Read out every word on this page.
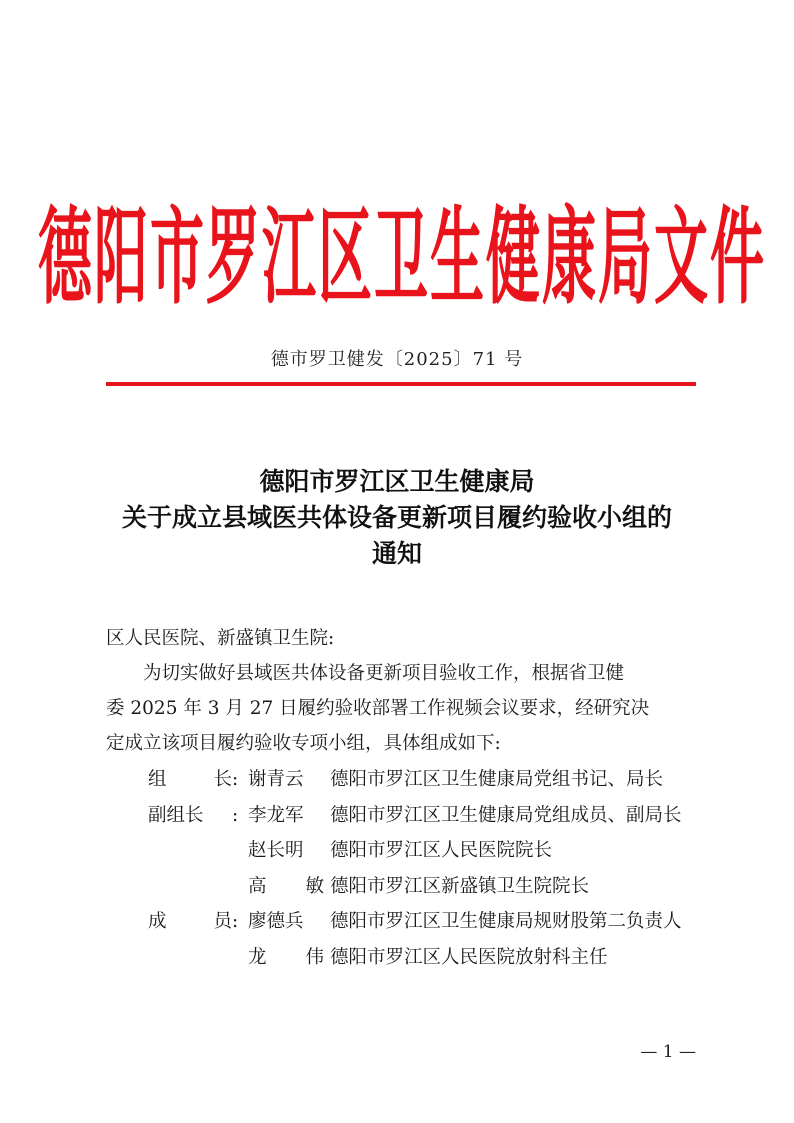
德阳市罗江区卫生健康局文件
德市罗卫健发〔2025〕71 号
德阳市罗江区卫生健康局
关于成立县域医共体设备更新项目履约验收小组的
通知
区人民医院、新盛镇卫生院:
为切实做好县域医共体设备更新项目验收工作，根据省卫健
委 2025 年 3 月 27 日履约验收部署工作视频会议要求，经研究决
定成立该项目履约验收专项小组，具体组成如下:
组	长 : 谢青云 德阳市罗江区卫生健康局党组书记、局长
副组长 : 李龙军 德阳市罗江区卫生健康局党组成员、副局长
赵长明 德阳市罗江区人民医院院长
高 敏 德阳市罗江区新盛镇卫生院院长
成	员 : 廖德兵 德阳市罗江区卫生健康局规财股第二负责人
龙 伟 德阳市罗江区人民医院放射科主任
— 1 —
